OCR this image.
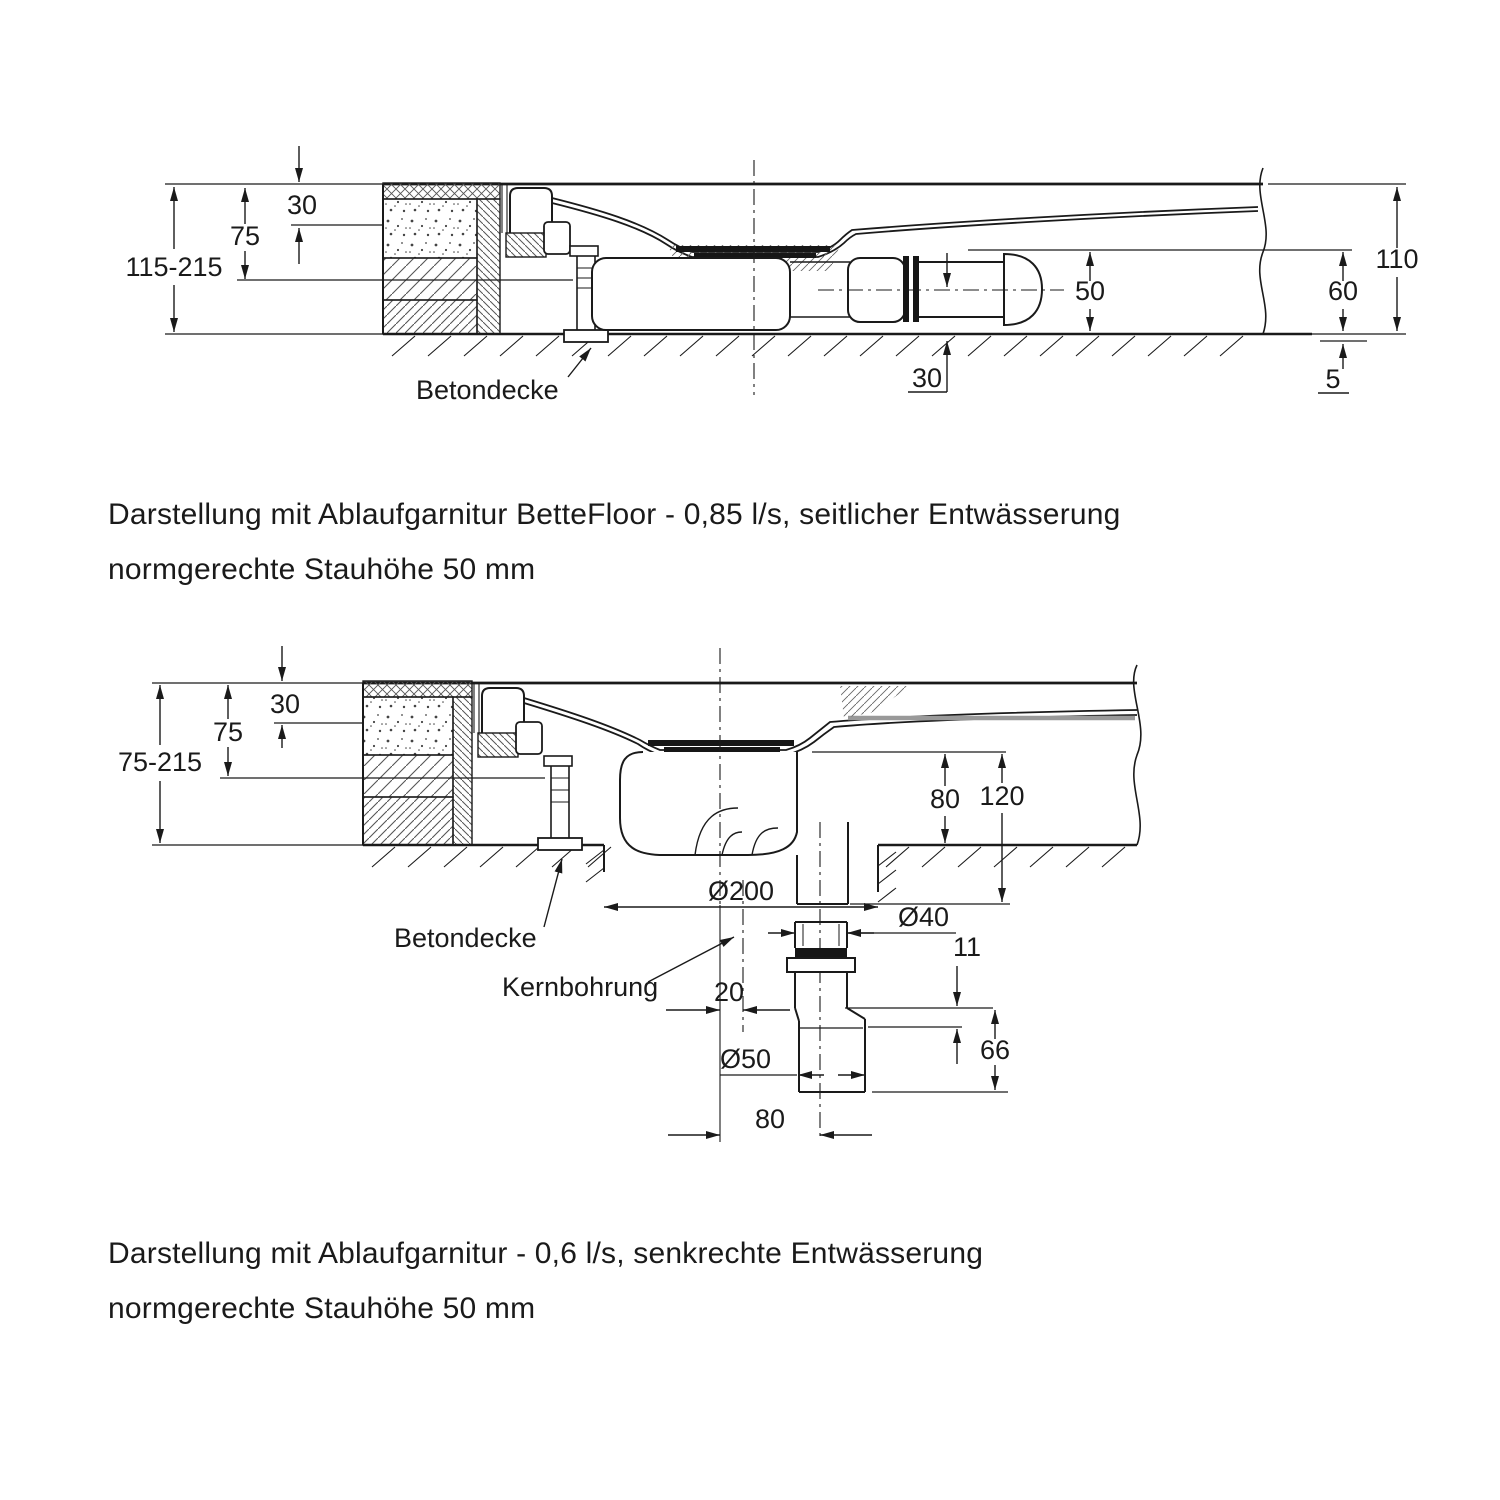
115-215
75
30
50	60
110
30	5
Betondecke
30
75
75-215
Ø200
80 120
Ø40
11
66
20
Ø50
80
Betondecke
Kernbohrung
Darstellung mit Ablaufgarnitur BetteFloor - 0,85 l/s, seitlicher Entwässerung
normgerechte Stauhöhe 50 mm
Darstellung mit Ablaufgarnitur - 0,6 l/s, senkrechte Entwässerung
normgerechte Stauhöhe 50 mm
